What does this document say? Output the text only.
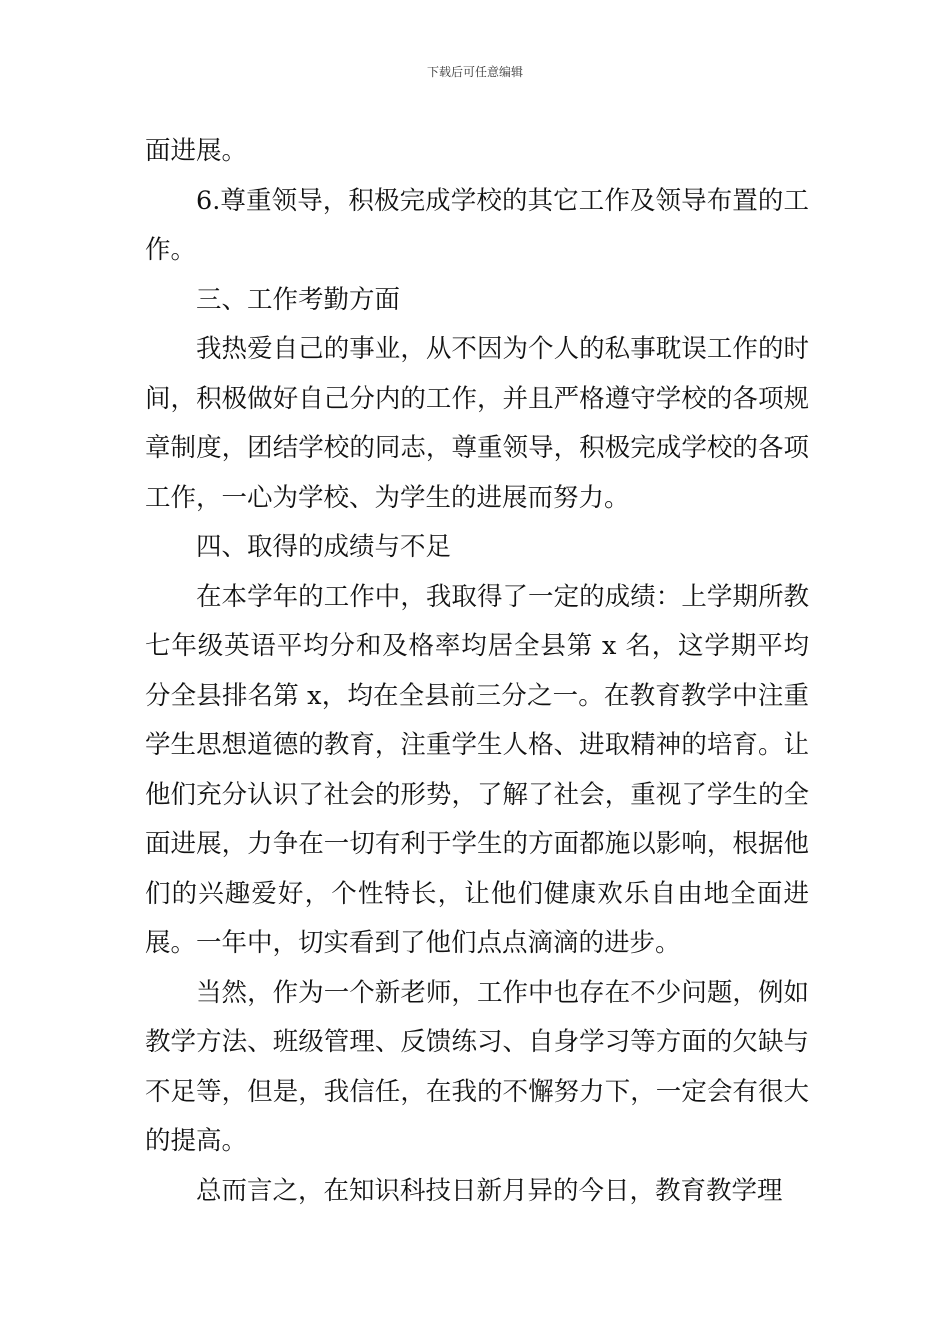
下载后可任意编辑

面进展。

6.尊重领导，积极完成学校的其它工作及领导布置的工作。

三、工作考勤方面

我热爱自己的事业，从不因为个人的私事耽误工作的时间，积极做好自己分内的工作，并且严格遵守学校的各项规章制度，团结学校的同志，尊重领导，积极完成学校的各项工作，一心为学校、为学生的进展而努力。

四、取得的成绩与不足

在本学年的工作中，我取得了一定的成绩：上学期所教七年级英语平均分和及格率均居全县第 x 名，这学期平均分全县排名第 x，均在全县前三分之一。在教育教学中注重学生思想道德的教育，注重学生人格、进取精神的培育。让他们充分认识了社会的形势，了解了社会，重视了学生的全面进展，力争在一切有利于学生的方面都施以影响，根据他们的兴趣爱好，个性特长，让他们健康欢乐自由地全面进展。一年中，切实看到了他们点点滴滴的进步。

当然，作为一个新老师，工作中也存在不少问题，例如教学方法、班级管理、反馈练习、自身学习等方面的欠缺与不足等，但是，我信任，在我的不懈努力下，一定会有很大的提高。

总而言之，在知识科技日新月异的今日，教育教学理
